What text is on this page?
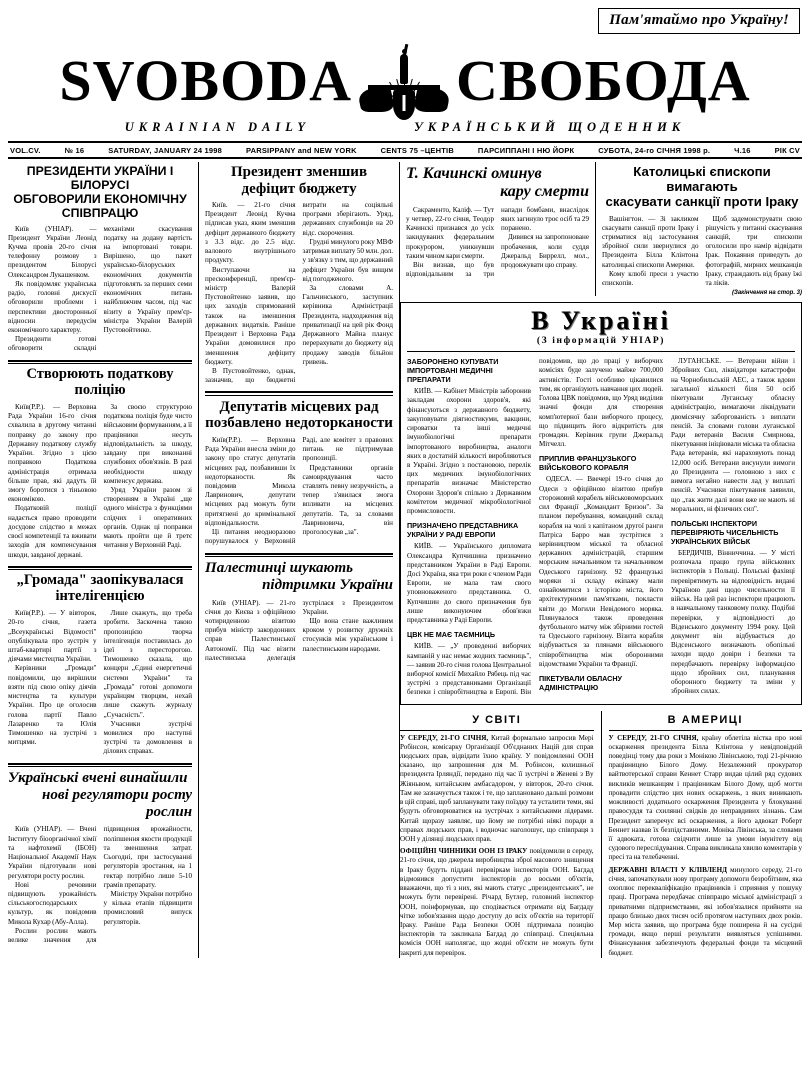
Пам'ятаймо про Україну!
SVOBODA СВОБОДА
UKRAINIAN DAILY	УКРАЇНСЬКИЙ ЩОДЕННИК
VOL.CV.	№ 16	SATURDAY, JANUARY 24 1998	PARSIPPANY and NEW YORK	CENTS 75 –ЦЕНТІВ	ПАРСИППАНІ І НЮ ЙОРК	СУБОТА, 24-го СІЧНЯ 1998 р.	Ч.16	РІК CV
ПРЕЗИДЕНТИ УКРАЇНИ І БІЛОРУСІ
ОБГОВОРИЛИ ЕКОНОМІЧНУ СПІВПРАЦЮ

Київ (УНІАР). — Президент України Леонід Кучма провів 20-го січня телефонну розмову з президентом Білорусі Олександром Лукашенком.

Як повідомляє українська радіо, головні дискусії обговорили проблеми і перспективи двосторонньої відносин передусім економічного характеру.

Президенти готові обговорити складні механізми скасування податку на додану вартість на імпортовані товари. Вирішено, що пакет українсько-білоруських економічних документів підготовлять за перших семи економічних питань найближчим часом, під час візиту в Україну прем'єр-міністра України Валерій Пустовойтенко.

Створюють податкову поліцію

Київ(Р.Р.). — Верховна Рада України 16-го січня схвалила в другому читанні поправку до закону про Державну податкову службу України. Згідно з цією поправкою Податкова адміністрація отримала більше прав, які дадуть їй змогу боротися з тіньовою економікою.

Податковій поліції надається право проводити досудове слідство в межах своєї компетенції та вживати заходів для компенсування шкоди, завданої державі.

За своєю структурою податкова поліція буде чисто військовим формуванням, а її працівники несуть відповідальність за шкоду, завдану при виконанні службових обов'язків. В разі необхідности шкоду компенсує держава.

Уряд України разом зі створенням в Україні „ще одного міністра з функціями слідчих і оперативних органів. Однак ці поправки мають пройти ще й третє читання у Верховній Раді.

„Громада" заопікувалася інтелігенцією

Київ(Р.Р.). — У вівторок, 20-го січня, газета „Всеукраїнські Відомості" опублікувала про зустріч у штаб-квартирі партії з діячами мистецтва України.

Керівники „Громади" повідомили, що вирішили взяти під свою опіку діячів мистецтва та культури України. Про це оголосив голова партії Павло Лазаренко та Юлія Тимошенко на зустрічі з митцями.

Лише скажуть, що треба зробити. Заскочена такою пропозицією творча інтелігенція поставилась до ідеї з пересторогою. Тимошенко сказала, що концерн „Єдині енергетичні системи України" та „Громада" готові допомоги українцям творцям, нехай лише скажуть журналу „Сучасність".

Учасники зустрічі мовилися про наступні зустрічі та домовлення в ділових справах.

Українські вчені винайшли
нові регулятори росту рослин

Київ (УНІАР). — Вчені Інституту біоорганічної хімії та нафтохемії (ІБОН) Національної Академії Наук України підготували нові регулятори росту рослин.

Нові речовини підвищують урожайність сільськогосподарських культур, як повідомив Микола Кухар (Абу-Алла).

Рослин рослин мають велике значення для підвищення врожайности, поліпшення якости продукції та зменшення затрат. Сьогодні, при застосуванні регуляторів зростання, на 1 гектар потрібно лише 5-10 грамів препарату.

Міністру України потрібно у кілька етапів підвищити промисловий випуск регуляторів.

Президент зменшив дефіцит бюджету

Київ. — 21-го січня Президент Леонід Кучма підписав указ, яким зменшив дефіцит державного бюджету з 3.3 відс. до 2.5 відс. валового внутрішнього продукту.

Виступаючи на пресконференції, прем'єр-міністр Валерій Пустовойтенко заявив, що цих заходів спрямований також на зменшення державних видатків. Раніше Президент і Верховна Рада України домовилися про зменшення дефіциту бюджету.

В Пустовойтенко, однак, зазначив, що бюджетні витрати на соціяльні програми зберігають. Уряд, державних службовців на 20 відс. скорочення.

Грудні минулого року МВФ затримав виплату 50 млн. дол. у зв'язку з тим, що державний дефіцит України був вищим від погодженого.

За словами А. Гальчинського, заступник керівника Адміністрації Президента, надходження від приватизації на цей рік Фонд Державного Майна планує перерахувати до бюджету від продажу заводів більйон гривень.

Депутатів місцевих рад
позбавлено недоторканости

Київ(Р.Р.). — Верховна Рада України внесла зміни до закону про статус депутатів місцевих рад, позбавивши їх недоторканости. Як повідомив Микола Лавринович, депутати місцевих рад можуть бути притягнені до кримінальної відповідальности.

Ці питання неодноразово порушувалося у Верховній Раді, але комітет з правових питань не підтримував пропозиції.

Представники органів самоврядування часто ставлять певну незручність, а тепер з'явилася змога впливати на місцевих депутатів. Та, за словами Лавриновича, він проголосував „за".

Палестинці шукають
підтримки України

Київ (УНІАР). — 21-го січня до Києва з офіційною чотириденною візитою прибув міністр закордонних справ Палестинської Автономії. Під час візити палестинська делегація зустрілася з Президентом України.

Що вона стане важливим кроком у розвитку дружніх стосунків між українським і палестинським народами.

Т. Качинскі оминув
кару смерти

Сакраменто, Каліф. — Тут у четвер, 22-го січня, Теодор Качинскі признався до усіх закидуваних федеральним прокурором, уникнувши таким чином кари смерти.

Він визнав, що був відповідальним за три напади бомбами, внаслідок яких загинуло троє осіб та 29 поранено.

Дивився на запропоноване пробачення, коли суддя Джеральд Биррелл, мол., продовжувати цю справу.

Католицькі єпископи вимагають
скасувати санкції проти Іраку

Вашінгтон. — Зі закликом скасувати санкції проти Іраку і стриматися від застосування збройної сили звернулися до Президента Білла Клінтона католицькі єпископи Америки.

Кому клюбі преси з участю єпископів.

Щоб задемонструвати свою рішучість у питанні скасування санкцій, три єпископи оголосили про намір відвідати Ірак. Покаяння приведуть до фотографій, мирних мешканців Іраку, страждають від браку їжі та ліків.

(Закінчення на стор. 3)
В Україні
(З інформацій УНІАР)
ЗАБОРОНЕНО КУПУВАТИ ІМПОРТОВАНІ МЕДИЧНІ ПРЕПАРАТИ

КИЇВ. — Кабінет Міністрів заборонив закладам охорони здоров'я, які фінансуються з державного бюджету, закуповувати діягностикуми, вакцини, сироватки та інші медичні імунобіологічні препарати імпортованого виробництва, аналоги яких в достатній кількості виробляються в Україні. Згідно з постановою, перелік цих медичних імунобіологічних препаратів визначає Міністерство Охорони Здоров'я спільно з Державним комітетом медичної мікробіологічної промисловости.

ПРИЗНАЧЕНО ПРЕДСТАВНИКА УКРАЇНИ У РАДІ ЕВРОПИ

КИЇВ. — Українського дипломата Олександра Купчишина призначено представником України в Раді Европи. Досі Україна, яка три роки є членом Ради Европи, не мала там свого уповноваженого представника. О. Купчишин до свого призначення був лише виконуючим обов'язки представника у Раді Европи.

ЦВК НЕ МАЄ ТАЄМНИЦЬ

КИЇВ. — „У проведенні виборчих кампаній у нас немає жодних таємниць", — заявив 20-го січня голова Центральної виборчої комісії Михайло Рябець під час зустрічі з представниками Організації безпеки і співробітництва в Европі. Він повідомив, що до праці у виборчих комісіях буде залучено майже 700,000 активістів. Гості особливо цікавилися тим, як організують навчання цих людей. Голова ЦВК повідомив, що Уряд виділив значні фонди для створення комп'ютерної бази виборчого процесу, що підвищить його відкритість для громадян. Керівник групи Джеральд Мітчелл.

ПРИПЛИВ ФРАНЦУЗЬКОГО ВІЙСЬКОВОГО КОРАБЛЯ

ОДЕСА. — Ввечері 19-го січня до Одеси з офіційною візитою прибув сторожовий корабель військовоморських сил Франції „Командант Бризон". За планом перебування, командний склад корабля на чолі з капітаном другої ранги Патріса Барро мав зустрітися з керівництвом міської та обласної державних адміністрацій, старшим морським начальником та начальником Одеського гарнізону. 92 французькі моряки зі складу екіпажу мали ознайомитися з історією міста, його архітектурними пам'ятками, покласти квіти до Могили Невідомого моряка. Плянувалося також проведення футбольного матчу між збірними гостей та Одеського гарнізону. Візита корабля відбувається за плянами військового співробітництва між оборонними відомствами України та Франції.

ПІКЕТУВАЛИ ОБЛАСНУ АДМІНІСТРАЦІЮ

ЛУГАНСЬКЕ. — Ветерани війни і Збройних Сил, ліквідатори катастрофи на Чорнобильській АЕС, а також вдови загальної кількості біля 50 осіб пікетували Луганську обласну адміністрацію, вимагаючи ліквідувати двомісячну заборгованість з виплати пенсій. За словами голови луганської Ради ветеранів Василя Смирнова, пікетування ініціювали міська та обласна Рада ветеранів, які нараховують понад 12,000 осіб. Ветерани висунули вимоги до Президента — головною з них є вимога негайно навести лад у виплаті пенсій. Учасники пікетування заявили, що „так жити далі вони вже не мають ні моральних, ні фізичних сил".

ПОЛЬСЬКІ ІНСПЕКТОРИ ПЕРЕВІРЯЮТЬ ЧИСЕЛЬНІСТЬ УКРАЇНСЬКИХ ВІЙСЬК

БЕРДИЧІВ, Вінниччина. — У місті розпочала працю група військових інспекторів з Польщі. Польські фахівці перевірятимуть на відповідність видані Україною дані щодо чисельности її військ. На цей раз інспектори працюють в навчальному танковому полку. Подібні перевірки, у відповідності до Віденського документу 1994 року. Цей документ він відбувається до Відсенського визначають обопільні заходи щодо довіри і безпеки та передбачають перевірку інформацією щодо збройних сил, планування оборонного бюджету та зміни у збройних силах.

У СВІТІ

У СЕРЕДУ, 21-ГО СІЧНЯ, Китай формально запросив Мері Робінсон, комісарку Організації Об'єднаних Націй для справ людських прав, відвідати їхню країну. У повідомленні ООН сказано, що запрошення для М. Робінсон, колишньої президента Ірляндії, передано під час її зустрічі в Женеві з Ву Жіяньвом, китайським амбасадором, у вівторок, 20-го січня. Там же зазначується також і те, що заплановано дальші розмови в цій справі, щоб запланувати таку поїздку та усталити теми, які будуть обговорюватися на зустрічах з китайськими лідерами. Китай щоразу заявляє, що йому не потрібні ніякі поради в справах людських прав, і водночас наголошує, що співпраця з ООН у ділянці людських прав.

ОФІЦІЙНІ ЧИННИКИ ООН ІЗ ІРАКУ повідомили в середу, 21-го січня, що джерела виробництва зброї масового знищення в Іраку будуть піддані перевіркам інспекторів ООН. Багдад відмовився допустити інспекторів до восьми об'єктів, вважаючи, що ті з них, які мають статус „президентських", не можуть бути перевірені. Річард Бутлер, головний інспектор ООН, поінформував, що сподівається отримати від Багдаду чітке зобов'язання щодо доступу до всіх об'єктів на території Іраку. Раніше Рада Безпеки ООН підтримала позицію інспекторів та закликала Багдад до співпраці. Спеціяльна комісія ООН наполягає, що жодні об'єкти не можуть бути закриті для перевірок.

В АМЕРИЦІ

У СЕРЕДУ, 21-ГО СІЧНЯ, країну облетіла вістка про нові оскарження президента Білла Клінтона у невідповідній поведінці тому два роки з Монікою Лівінською, тоді 21-річною працівницею Білого Дому. Незалежний прокуратор вайтвотерської справи Кеннет Старр видав цілий ряд судових викликів мешканцям і працівникам Білого Дому, щоб могти провадити слідство цих нових оскаржень, з яких виникають можливості додатнього оскарження Президента у блокуванні правосуддя та схилянні свідків до неправдивих зізнань. Сам Президент заперечує всі оскарження, а його адвокат Роберт Беннет назвав їх безпідставними. Моніка Лівінська, за словами її адвоката, готова свідчити лише за умови імунітету від судового переслідування. Справа викликала хвилю коментарів у пресі та на телебаченні.

ДЕРЖАВНІ ВЛАСТІ У КЛІВЛЕНД минулого середу, 21-го січня, започаткували нову програму допомоги безробітним, яка охоплює перекваліфікацію працівників і сприяння у пошуку праці. Програма передбачає співпрацю міської адміністрації з приватними підприємствами, які зобов'язалися прийняти на працю близько двох тисяч осіб протягом наступних двох років. Мер міста заявив, що програма буде поширена й на сусідні громади, якщо перші результати виявляться успішними. Фінансування забезпечують федеральні фонди та місцевий бюджет.
